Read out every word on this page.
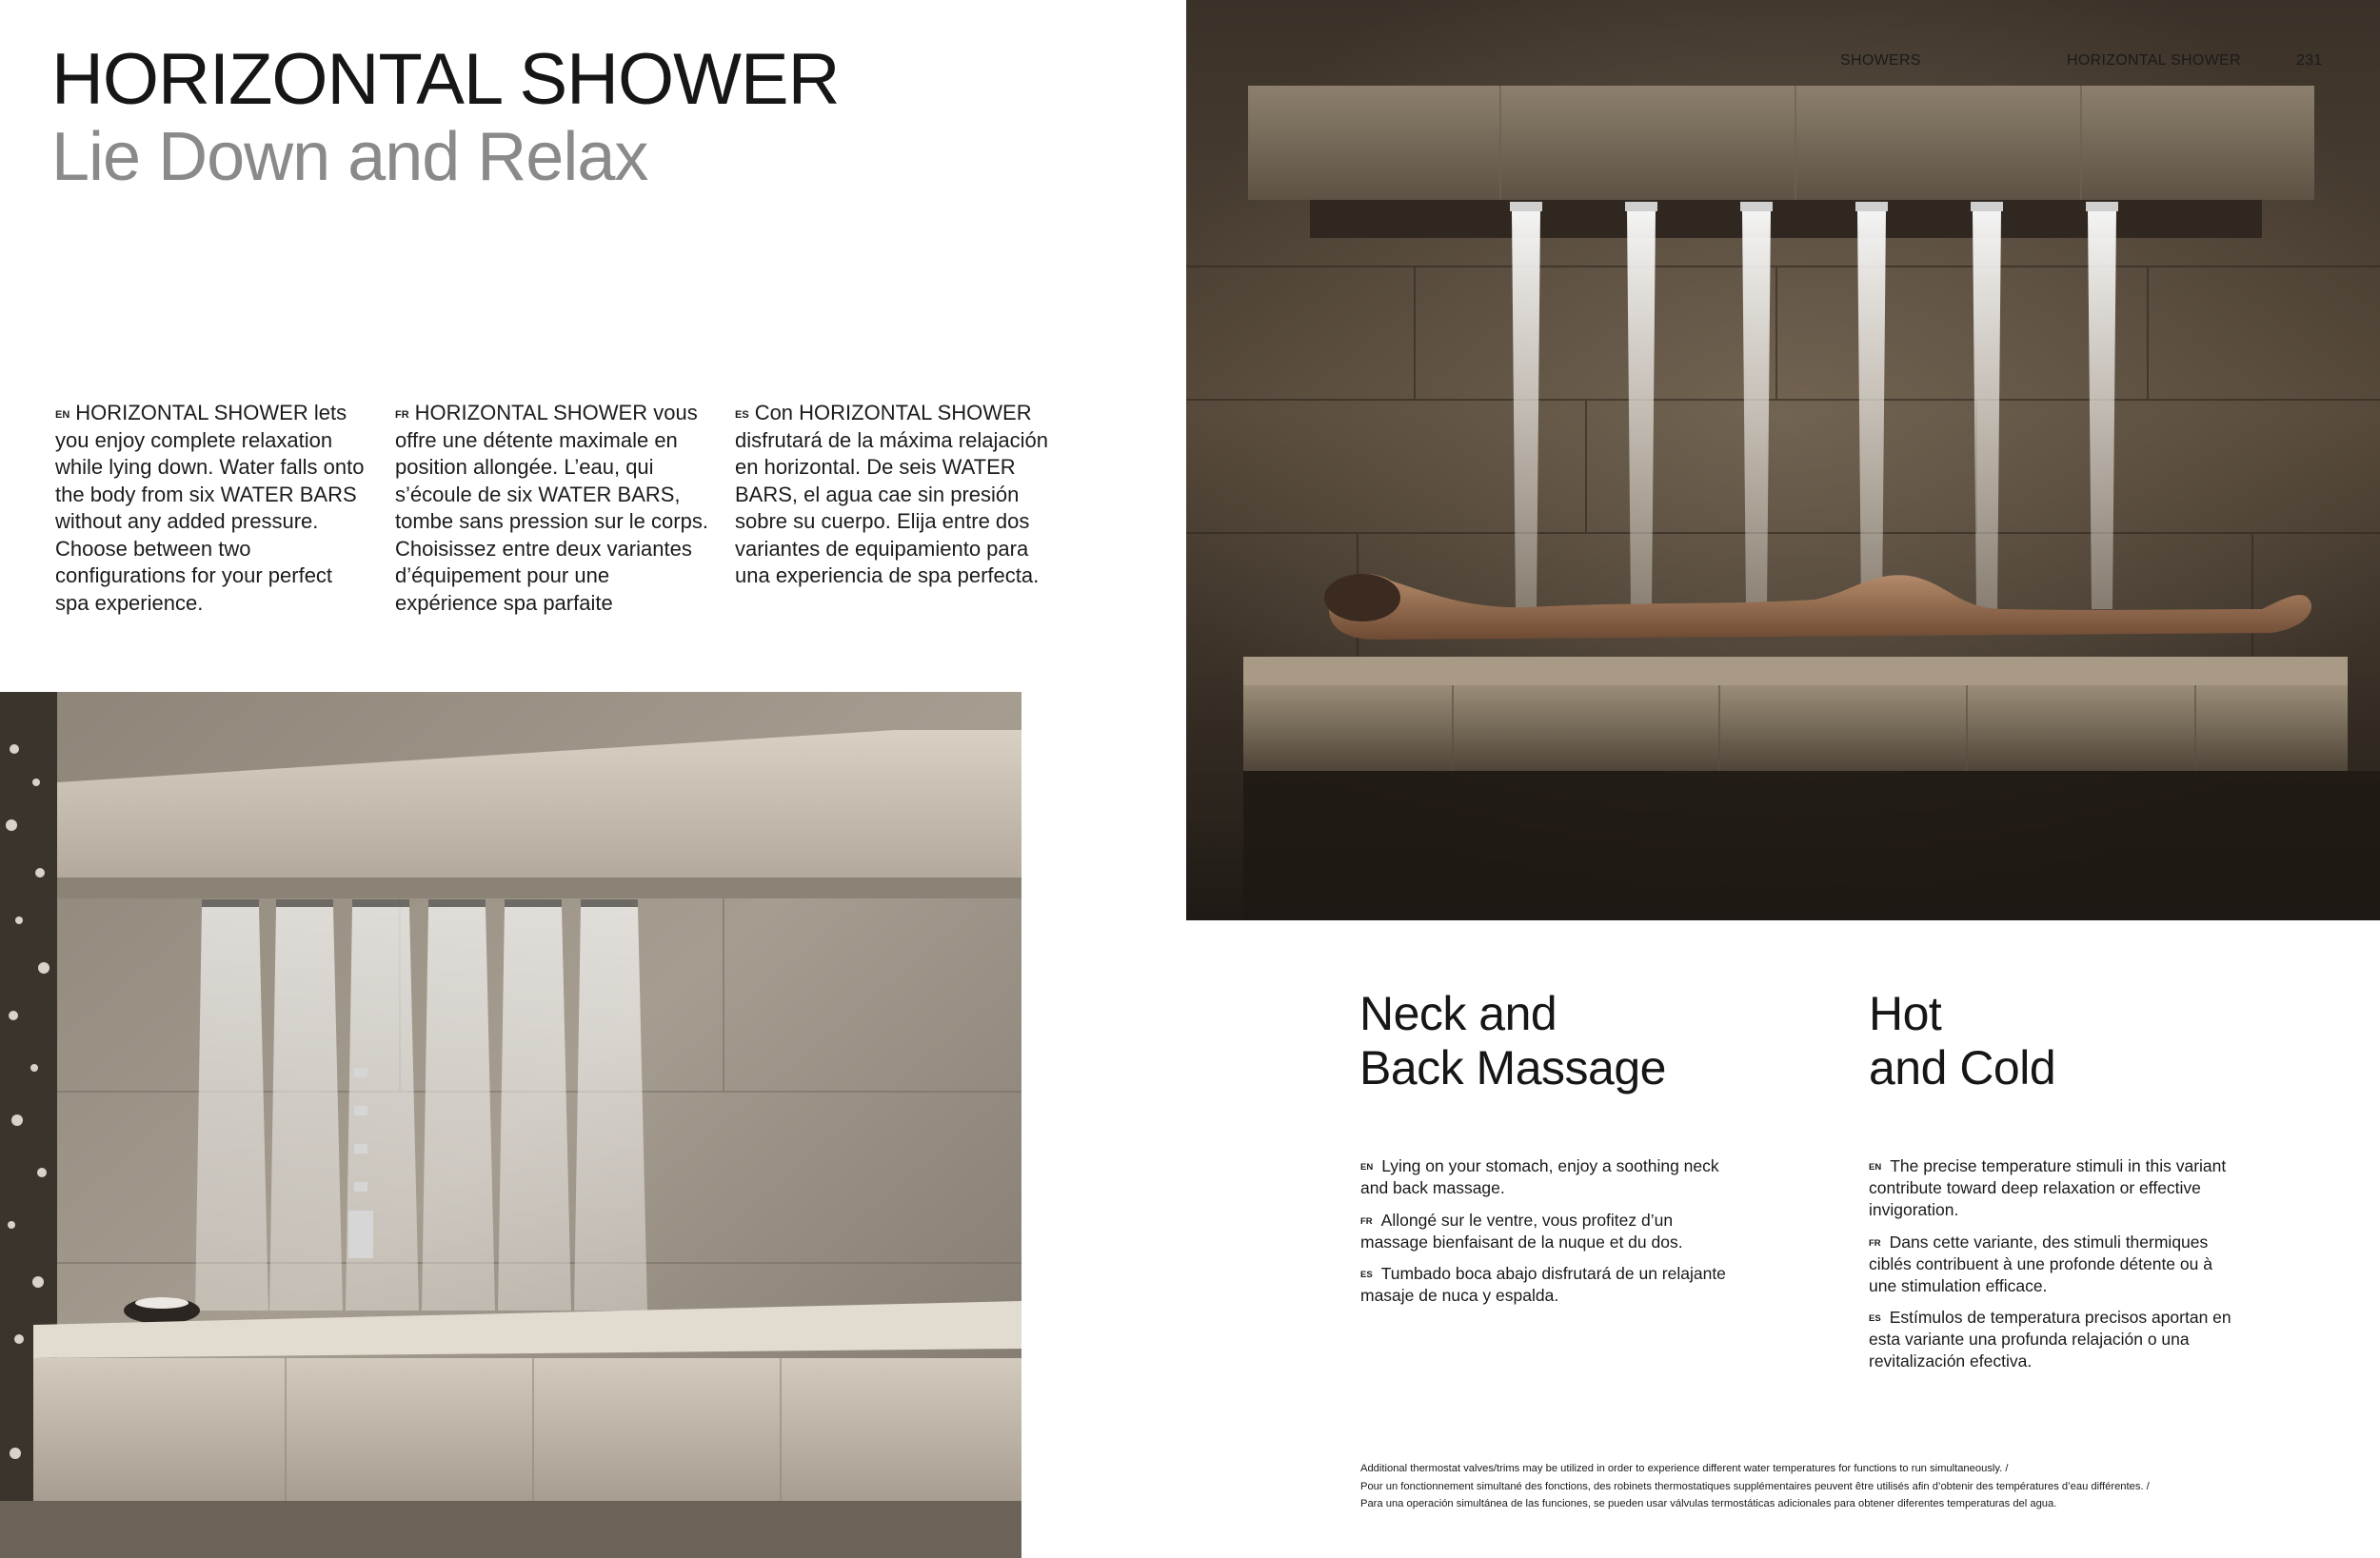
HORIZONTAL SHOWER
Lie Down and Relax
$^{EN}$ HORIZONTAL SHOWER lets you enjoy complete relaxation while lying down. Water falls onto the body from six WATER BARS without any added pressure. Choose between two configurations for your perfect spa experience.
$^{FR}$ HORIZONTAL SHOWER vous offre une détente maximale en position allongée. L’eau, qui s’écoule de six WATER BARS, tombe sans pression sur le corps. Choisissez entre deux variantes d’équipement pour une expérience spa parfaite
$^{ES}$ Con HORIZONTAL SHOWER disfrutará de la máxima relajación en horizontal. De seis WATER BARS, el agua cae sin presión sobre su cuerpo. Elija entre dos variantes de equipamiento para una experiencia de spa perfecta.
SHOWERS	HORIZONTAL SHOWER	231
Neck and
Back Massage
$^{EN}$ Lying on your stomach, enjoy a soothing neck and back massage.
$^{FR}$ Allongé sur le ventre, vous profitez d’un massage bienfaisant de la nuque et du dos.
$^{ES}$ Tumbado boca abajo disfrutará de un relajante masaje de nuca y espalda.
Hot
and Cold
$^{EN}$ The precise temperature stimuli in this variant contribute toward deep relaxation or effective invigoration.
$^{FR}$ Dans cette variante, des stimuli thermiques ciblés contribuent à une profonde détente ou à une stimulation efficace.
$^{ES}$ Estímulos de temperatura precisos aportan en esta variante una profunda relajación o una revitalización efectiva.
Additional thermostat valves/trims may be utilized in order to experience different water temperatures for functions to run simultaneously. /
Pour un fonctionnement simultané des fonctions, des robinets thermostatiques supplémentaires peuvent être utilisés afin d’obtenir des températures d’eau différentes. /
Para una operación simultánea de las funciones, se pueden usar válvulas termostáticas adicionales para obtener diferentes temperaturas del agua.
